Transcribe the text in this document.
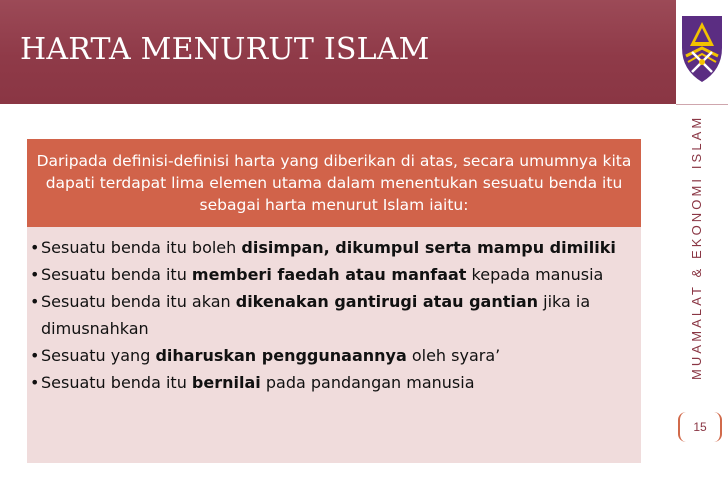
HARTA MENURUT ISLAM
MUAMALAT & EKONOMI ISLAM
15
Daripada definisi-definisi harta yang diberikan di atas, secara umumnya kita dapati terdapat lima elemen utama dalam menentukan sesuatu benda itu sebagai harta menurut Islam iaitu:
• Sesuatu benda itu boleh disimpan, dikumpul serta mampu dimiliki
• Sesuatu benda itu memberi faedah atau manfaat kepada manusia
• Sesuatu benda itu akan dikenakan gantirugi atau gantian jika ia dimusnahkan
• Sesuatu yang diharuskan penggunaannya oleh syara’
• Sesuatu benda itu bernilai pada pandangan manusia
